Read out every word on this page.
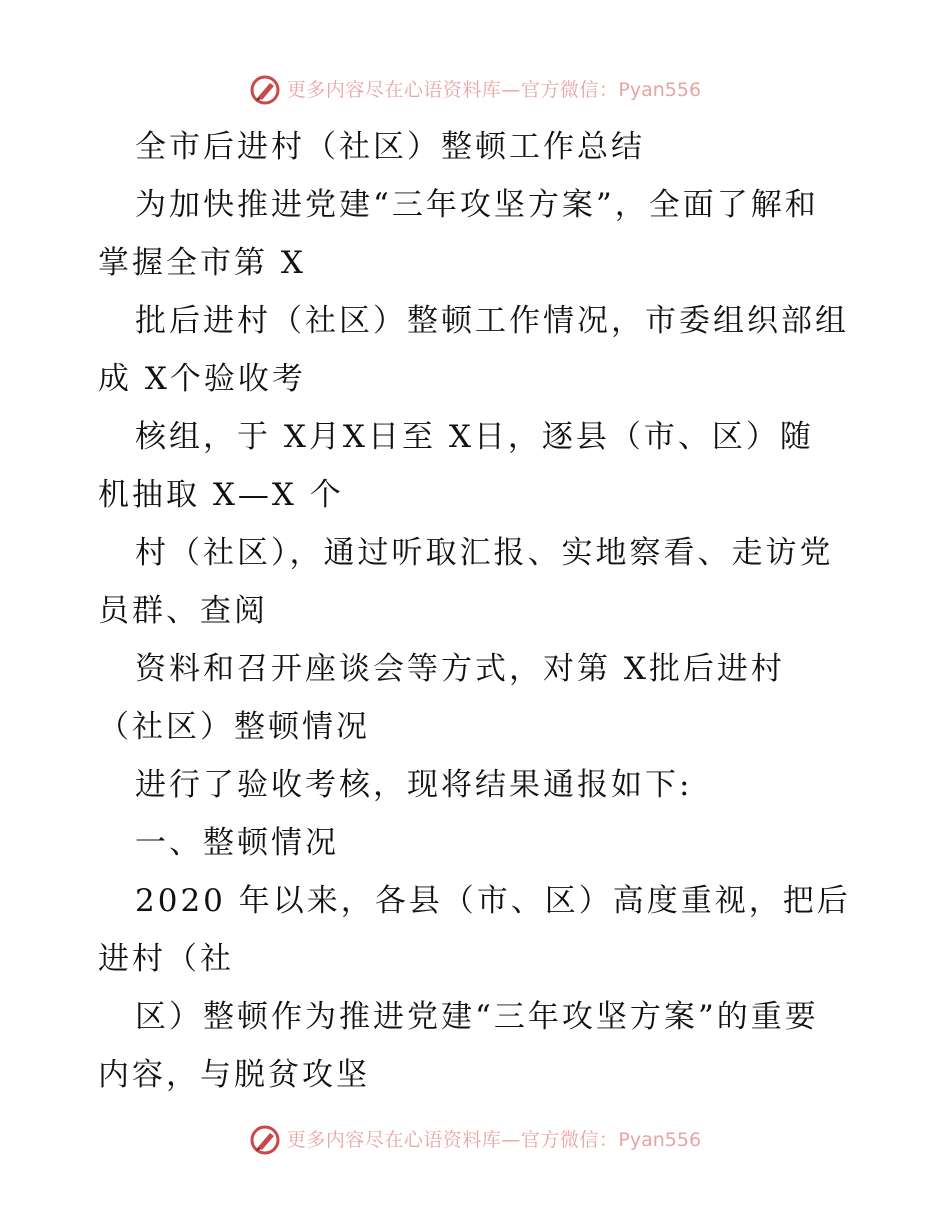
更多内容尽在心语资料库—官方微信： Pyan556
全市后进村（社区）整顿工作总结
为加快推进党建“三年攻坚方案”，全面了解和
掌握全市第 X
批后进村（社区）整顿工作情况，市委组织部组
成 X个验收考
核组，于 X月X日至 X日，逐县（市、区）随
机抽取 X—X 个
村（社区），通过听取汇报、实地察看、走访党
员群、查阅
资料和召开座谈会等方式，对第 X批后进村
（社区）整顿情况
进行了验收考核，现将结果通报如下:
一、整顿情况
2020 年以来，各县（市、区）高度重视，把后
进村（社
区）整顿作为推进党建“三年攻坚方案”的重要
内容，与脱贫攻坚
更多内容尽在心语资料库—官方微信： Pyan556
